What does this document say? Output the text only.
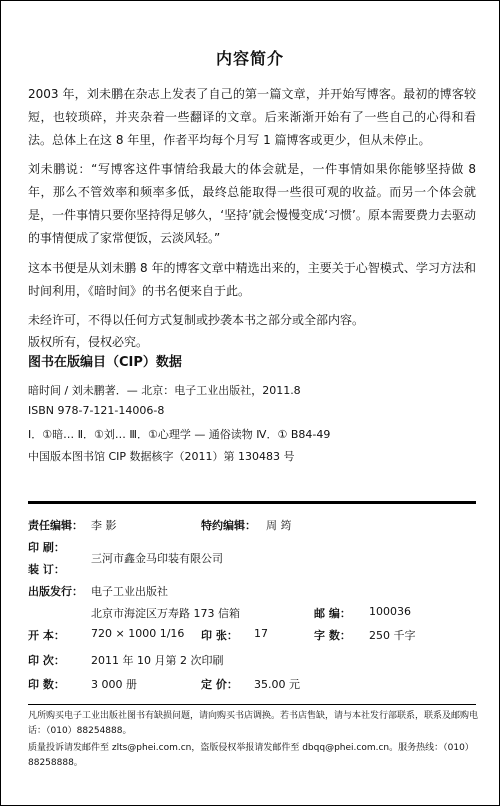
内容简介

2003 年，刘未鹏在杂志上发表了自己的第一篇文章，并开始写博客。最初的博客较短，也较琐碎，并夹杂着一些翻译的文章。后来渐渐开始有了一些自己的心得和看法。总体上在这 8 年里，作者平均每个月写 1 篇博客或更少，但从未停止。

刘未鹏说：“写博客这件事情给我最大的体会就是，一件事情如果你能够坚持做 8 年，那么不管效率和频率多低，最终总能取得一些很可观的收益。而另一个体会就是，一件事情只要你坚持得足够久，‘坚持’就会慢慢变成‘习惯’。原本需要费力去驱动的事情便成了家常便饭，云淡风轻。”

这本书便是从刘未鹏 8 年的博客文章中精选出来的，主要关于心智模式、学习方法和时间利用，《暗时间》的书名便来自于此。

未经许可，不得以任何方式复制或抄袭本书之部分或全部内容。

版权所有，侵权必究。

图书在版编目（CIP）数据
暗时间 / 刘未鹏著．— 北京：电子工业出版社，2011.8
ISBN 978-7-121-14006-8
Ⅰ．①暗… Ⅱ．①刘… Ⅲ．①心理学 — 通俗读物 Ⅳ．① B84-49
中国版本图书馆 CIP 数据核字（2011）第 130483 号
责任编辑： 李 影	特约编辑： 周 筠
印 刷：
三河市鑫金马印装有限公司
装 订：
出版发行： 电子工业出版社
北京市海淀区万寿路 173 信箱	邮 编： 100036
开 本： 720 × 1000 1/16 印 张： 17	字 数： 250 千字
印 次： 2011 年 10 月第 2 次印刷
印 数： 3 000 册	定 价： 35.00 元

凡所购买电子工业出版社图书有缺损问题，请向购买书店调换。若书店售缺，请与本社发行部联系，联系及邮购电话：（010）88254888。

质量投诉请发邮件至 zlts@phei.com.cn，盗版侵权举报请发邮件至 dbqq@phei.com.cn。服务热线：（010）88258888。
